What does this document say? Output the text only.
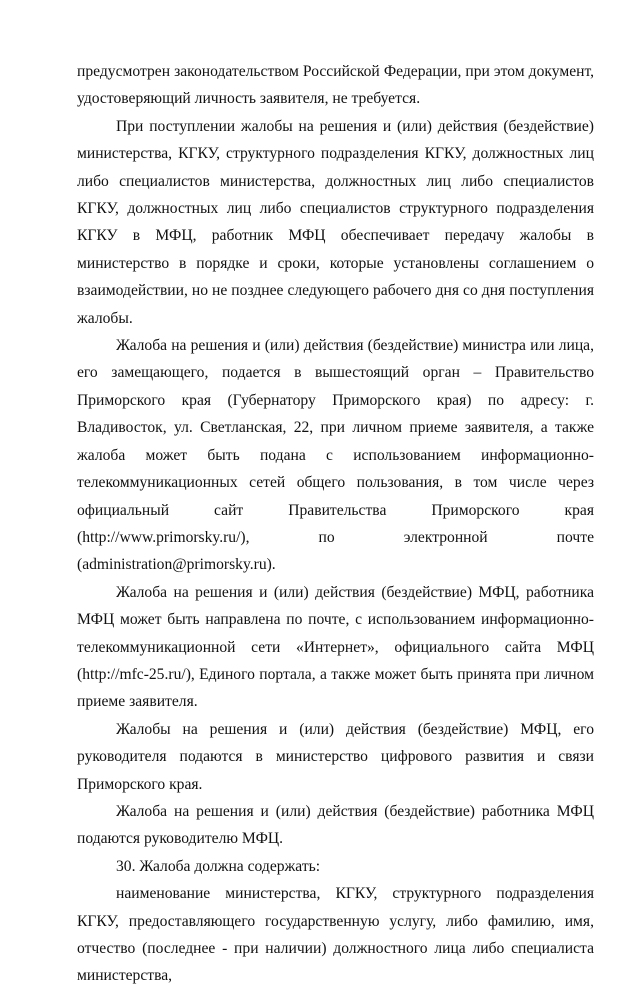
предусмотрен законодательством Российской Федерации, при этом документ, удостоверяющий личность заявителя, не требуется.

При поступлении жалобы на решения и (или) действия (бездействие) министерства, КГКУ, структурного подразделения КГКУ, должностных лиц либо специалистов министерства, должностных лиц либо специалистов КГКУ, должностных лиц либо специалистов структурного подразделения КГКУ в МФЦ, работник МФЦ обеспечивает передачу жалобы в министерство в порядке и сроки, которые установлены соглашением о взаимодействии, но не позднее следующего рабочего дня со дня поступления жалобы.

Жалоба на решения и (или) действия (бездействие) министра или лица, его замещающего, подается в вышестоящий орган – Правительство Приморского края (Губернатору Приморского края) по адресу: г. Владивосток, ул. Светланская, 22, при личном приеме заявителя, а также жалоба может быть подана с использованием информационно-телекоммуникационных сетей общего пользования, в том числе через официальный сайт Правительства Приморского края (http://www.primorsky.ru/), по электронной почте (administration@primorsky.ru).

Жалоба на решения и (или) действия (бездействие) МФЦ, работника МФЦ может быть направлена по почте, с использованием информационно-телекоммуникационной сети «Интернет», официального сайта МФЦ (http://mfc-25.ru/), Единого портала, а также может быть принята при личном приеме заявителя.

Жалобы на решения и (или) действия (бездействие) МФЦ, его руководителя подаются в министерство цифрового развития и связи Приморского края.

Жалоба на решения и (или) действия (бездействие) работника МФЦ подаются руководителю МФЦ.

30. Жалоба должна содержать:

наименование министерства, КГКУ, структурного подразделения КГКУ, предоставляющего государственную услугу, либо фамилию, имя, отчество (последнее - при наличии) должностного лица либо специалиста министерства,
